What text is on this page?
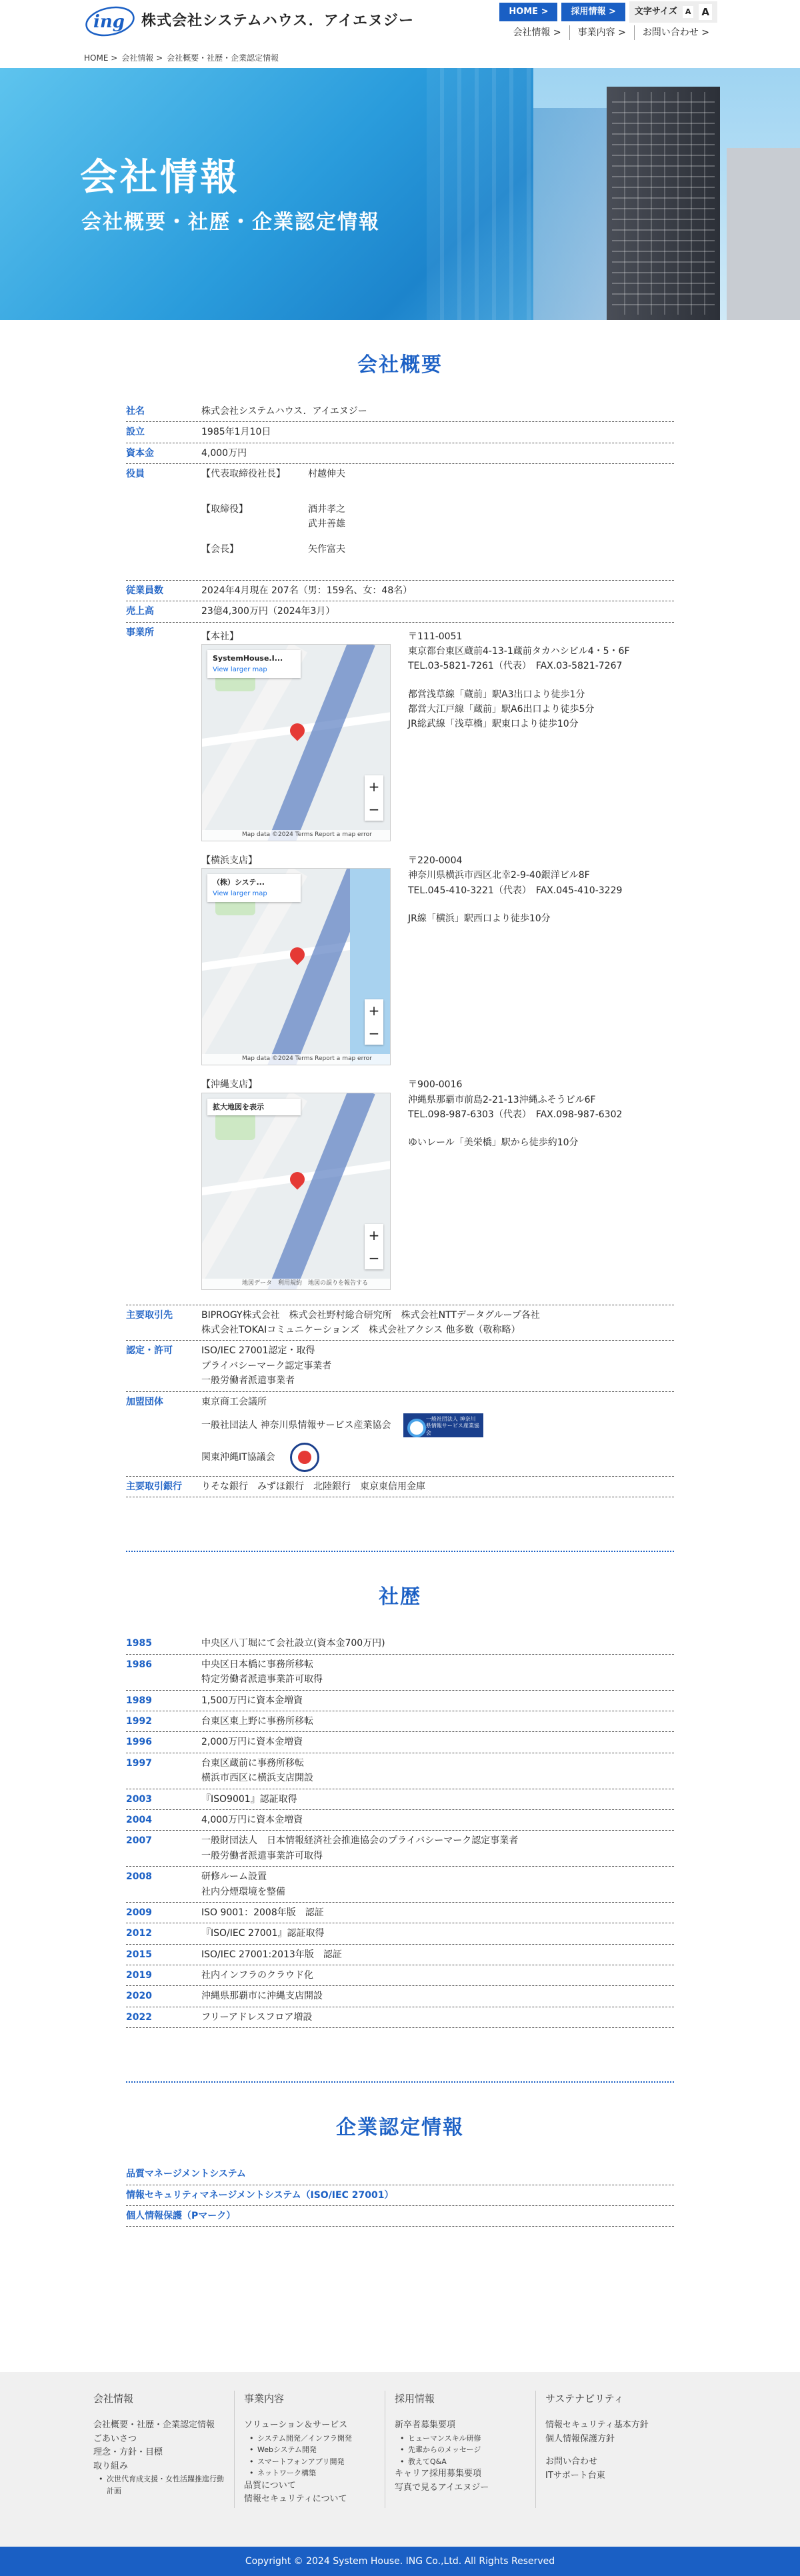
ing 株式会社システムハウス．アイエヌジー
HOME >	採用情報 >	文字サイズ	A A
会社情報 >	事業内容 >	お問い合わせ >
HOME > 会社情報 > 会社概要・社歴・企業認定情報
会社情報
会社概要・社歴・企業認定情報
会社概要
社名	株式会社システムハウス．アイエヌジー
設立	1985年1月10日
資本金	4,000万円
役員	【代表取締役社長】	村越伸夫
【取締役】	酒井孝之
武井善雄
【会長】	矢作富夫
従業員数	2024年4月現在 207名（男：159名、女：48名）
売上高	23億4,300万円（2024年3月）
事業所	【本社】
SystemHouse.I...
View larger map
+
−
Map data ©2024 Terms Report a map error
〒111-0051
東京都台東区蔵前4-13-1蔵前タカハシビル4・5・6F
TEL.03-5821-7261（代表）　FAX.03-5821-7267
都営浅草線「蔵前」駅A3出口より徒歩1分
都営大江戸線「蔵前」駅A6出口より徒歩5分
JR総武線「浅草橋」駅東口より徒歩10分
【横浜支店】
（株）システ...
View larger map
+
−
Map data ©2024 Terms Report a map error
〒220-0004
神奈川県横浜市西区北幸2-9-40銀洋ビル8F
TEL.045-410-3221（代表）　FAX.045-410-3229
JR線「横浜」駅西口より徒歩10分
【沖縄支店】
拡大地図を表示
+
−
地図データ　利用規約　地図の誤りを報告する
〒900-0016
沖縄県那覇市前島2-21-13沖縄ふそうビル6F
TEL.098-987-6303（代表）　FAX.098-987-6302
ゆいレール「美栄橋」駅から徒歩約10分
主要取引先	BIPROGY株式会社　株式会社野村総合研究所　株式会社NTTデータグループ各社
株式会社TOKAIコミュニケーションズ　株式会社アクシス 他多数（敬称略）
認定・許可	ISO/IEC 27001認定・取得
プライバシーマーク認定事業者
一般労働者派遣事業者
加盟団体	東京商工会議所
一般社団法人 神奈川県情報サービス産業協会 一般社団法人 神奈川県情報サービス産業協会
関東沖縄IT協議会
主要取引銀行	りそな銀行　みずほ銀行　北陸銀行　東京東信用金庫
社歴
1985	中央区八丁堀にて会社設立(資本金700万円)
1986	中央区日本橋に事務所移転
特定労働者派遣事業許可取得
1989	1,500万円に資本金増資
1992	台東区東上野に事務所移転
1996	2,000万円に資本金増資
1997	台東区蔵前に事務所移転
横浜市西区に横浜支店開設
2003	『ISO9001』認証取得
2004	4,000万円に資本金増資
2007	一般財団法人　日本情報経済社会推進協会のプライバシーマーク認定事業者
一般労働者派遣事業許可取得
2008	研修ルーム設置
社内分煙環境を整備
2009	ISO 9001：2008年版　認証
2012	『ISO/IEC 27001』認証取得
2015	ISO/IEC 27001:2013年版　認証
2019	社内インフラのクラウド化
2020	沖縄県那覇市に沖縄支店開設
2022	フリーアドレスフロア増設
企業認定情報
品質マネージメントシステム
情報セキュリティマネージメントシステム（ISO/IEC 27001）
個人情報保護（Pマーク）
会社情報
会社概要・社歴・企業認定情報
ごあいさつ
理念・方針・目標
取り組み
• 次世代育成支援・女性活躍推進行動計画
事業内容
ソリューション＆サービス
• システム開発／インフラ開発
• Webシステム開発
• スマートフォンアプリ開発
• ネットワーク構築
品質について
情報セキュリティについて
採用情報
新卒者募集要項
• ヒューマンスキル研修
• 先輩からのメッセージ
• 教えてQ&A
キャリア採用募集要項
写真で見るアイエヌジー
サステナビリティ
情報セキュリティ基本方針
個人情報保護方針
お問い合わせ
ITサポート台東
Copyright © 2024 System House. ING Co.,Ltd. All Rights Reserved
